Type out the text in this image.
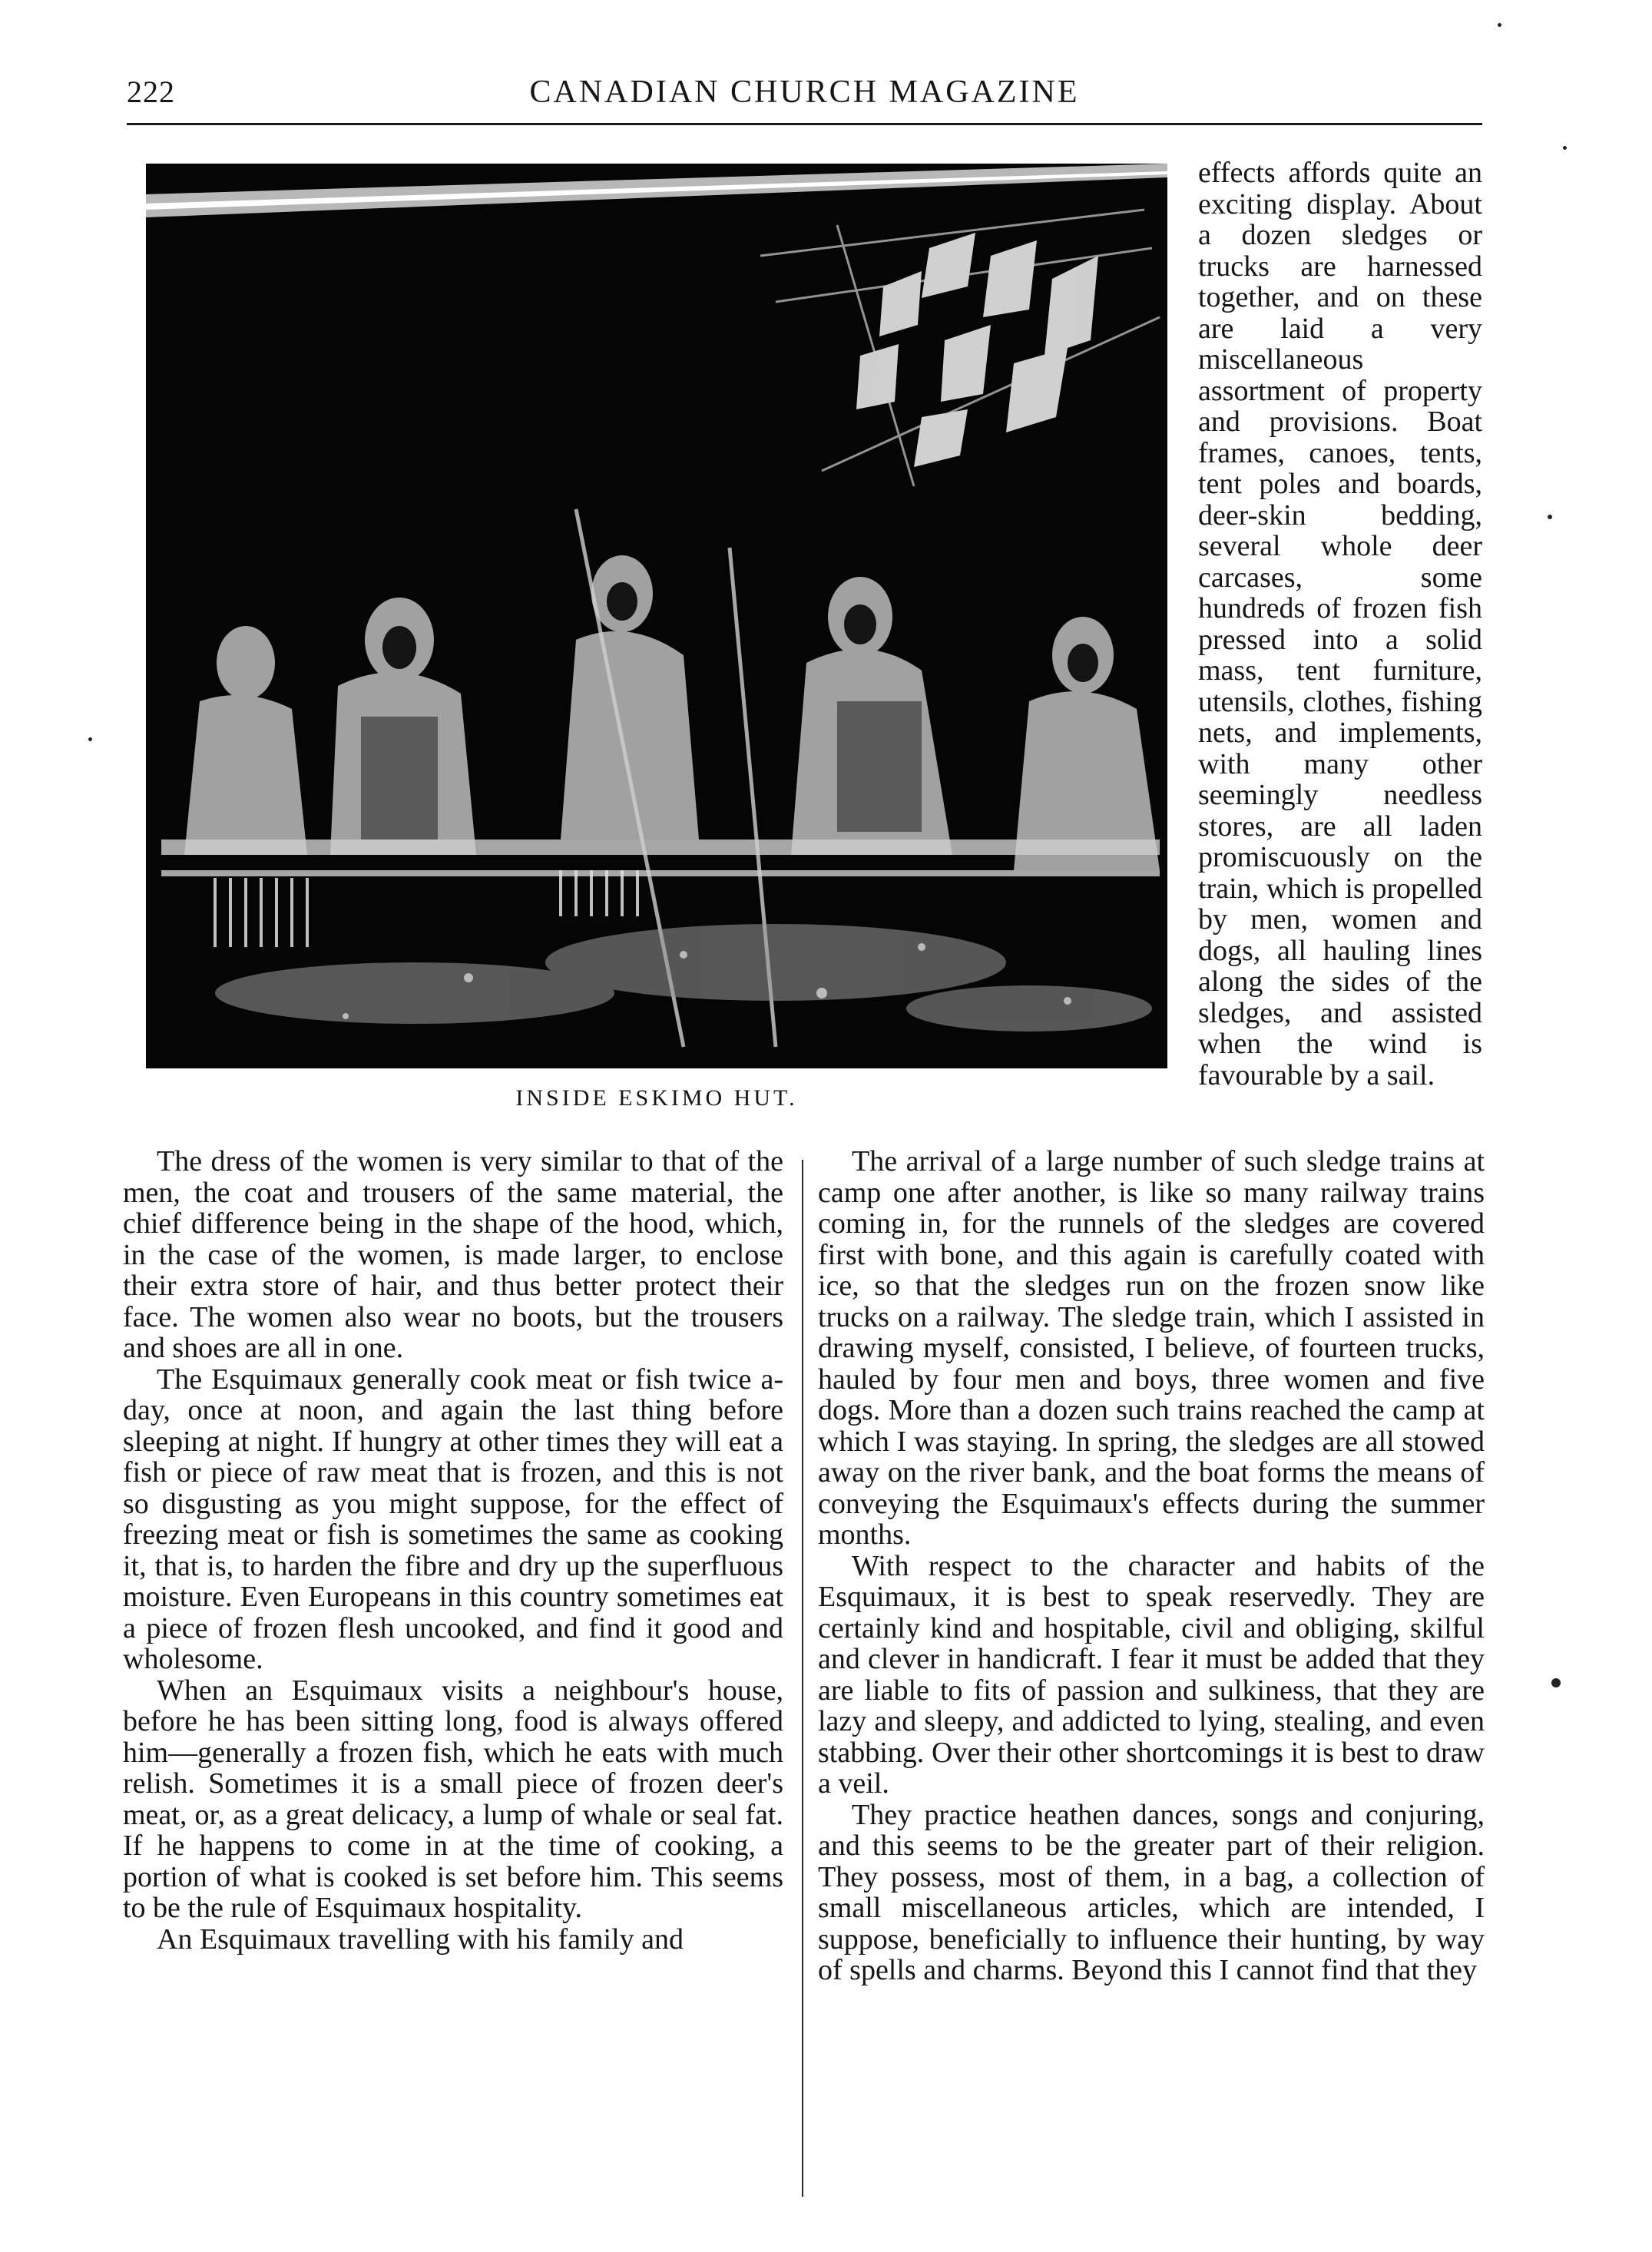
222	CANADIAN CHURCH MAGAZINE
INSIDE ESKIMO HUT.

effects affords quite an exciting display. About a dozen sledges or trucks are harnessed together, and on these are laid a very miscellaneous assortment of property and provisions. Boat frames, canoes, tents, tent poles and boards, deer-skin bedding, several whole deer carcases, some hundreds of frozen fish pressed into a solid mass, tent furniture, utensils, clothes, fishing nets, and implements, with many other seemingly needless stores, are all laden promiscuously on the train, which is propelled by men, women and dogs, all hauling lines along the sides of the sledges, and assisted when the wind is favourable by a sail.

The dress of the women is very similar to that of the men, the coat and trousers of the same material, the chief difference being in the shape of the hood, which, in the case of the women, is made larger, to enclose their extra store of hair, and thus better protect their face. The women also wear no boots, but the trousers and shoes are all in one.

The Esquimaux generally cook meat or fish twice a-day, once at noon, and again the last thing before sleeping at night. If hungry at other times they will eat a fish or piece of raw meat that is frozen, and this is not so disgusting as you might suppose, for the effect of freezing meat or fish is sometimes the same as cooking it, that is, to harden the fibre and dry up the superfluous moisture. Even Europeans in this country sometimes eat a piece of frozen flesh uncooked, and find it good and wholesome.

When an Esquimaux visits a neighbour's house, before he has been sitting long, food is always offered him—generally a frozen fish, which he eats with much relish. Sometimes it is a small piece of frozen deer's meat, or, as a great delicacy, a lump of whale or seal fat. If he happens to come in at the time of cooking, a portion of what is cooked is set before him. This seems to be the rule of Esquimaux hospitality.

An Esquimaux travelling with his family and

The arrival of a large number of such sledge trains at camp one after another, is like so many railway trains coming in, for the runnels of the sledges are covered first with bone, and this again is carefully coated with ice, so that the sledges run on the frozen snow like trucks on a railway. The sledge train, which I assisted in drawing myself, consisted, I believe, of fourteen trucks, hauled by four men and boys, three women and five dogs. More than a dozen such trains reached the camp at which I was staying. In spring, the sledges are all stowed away on the river bank, and the boat forms the means of conveying the Esquimaux's effects during the summer months.

With respect to the character and habits of the Esquimaux, it is best to speak reservedly. They are certainly kind and hospitable, civil and obliging, skilful and clever in handicraft. I fear it must be added that they are liable to fits of passion and sulkiness, that they are lazy and sleepy, and addicted to lying, stealing, and even stabbing. Over their other shortcomings it is best to draw a veil.

They practice heathen dances, songs and conjuring, and this seems to be the greater part of their religion. They possess, most of them, in a bag, a collection of small miscellaneous articles, which are intended, I suppose, beneficially to influence their hunting, by way of spells and charms. Beyond this I cannot find that they
